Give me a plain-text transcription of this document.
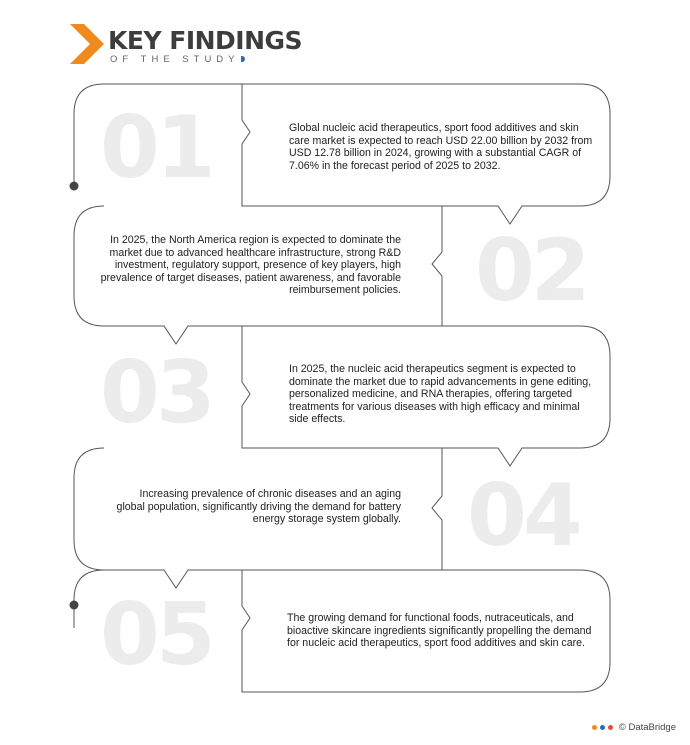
KEY FINDINGS
OF THE STUDY
01	Global nucleic acid therapeutics, sport food additives and skin care market is expected to reach USD 22.00 billion by 2032 from USD 12.78 billion in 2024, growing with a substantial CAGR of 7.06% in the forecast period of 2025 to 2032.
02
In 2025, the North America region is expected to dominate the market due to advanced healthcare infrastructure, strong R&D investment, regulatory support, presence of key players, high prevalence of target diseases, patient awareness, and favorable reimbursement policies.
03	In 2025, the nucleic acid therapeutics segment is expected to dominate the market due to rapid advancements in gene editing, personalized medicine, and RNA therapies, offering targeted treatments for various diseases with high efficacy and minimal side effects.
04
Increasing prevalence of chronic diseases and an aging global population, significantly driving the demand for battery energy storage system globally.
05	The growing demand for functional foods, nutraceuticals, and bioactive skincare ingredients significantly propelling the demand for nucleic acid therapeutics, sport food additives and skin care.
© DataBridge
